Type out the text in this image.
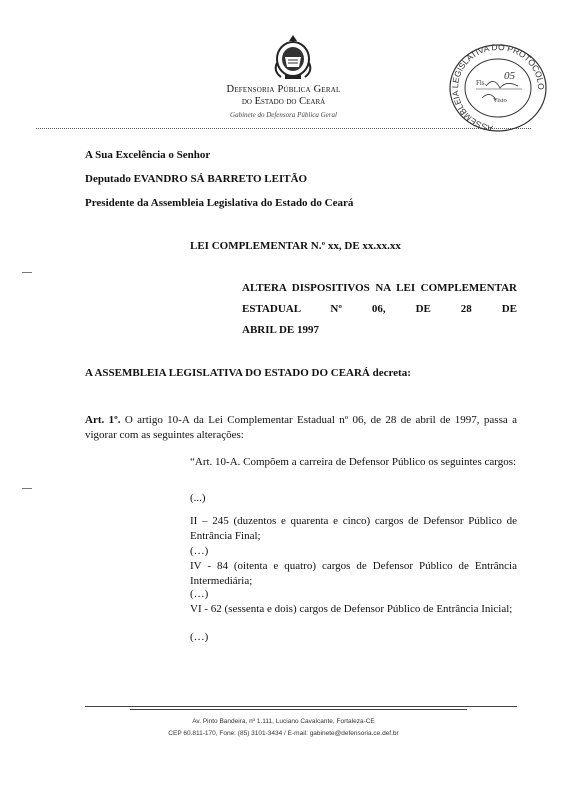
Defensoria Pública Geral
do Estado do Ceará
Gabinete do Defensora Pública Geral
ASSEMBLEIA LEGISLATIVA DO PROTOCOLO
Fls.
05
Visto
A Sua Excelência o Senhor
Deputado EVANDRO SÁ BARRETO LEITÃO
Presidente da Assembleia Legislativa do Estado do Ceará
LEI COMPLEMENTAR N.º xx, DE xx.xx.xx
ALTERA DISPOSITIVOS NA LEI COMPLEMENTAR ESTADUAL Nº 06, DE 28 DE
ABRIL DE 1997
A ASSEMBLEIA LEGISLATIVA DO ESTADO DO CEARÁ decreta:
Art. 1º. O artigo 10-A da Lei Complementar Estadual nº 06, de 28 de abril de 1997, passa a vigorar com as seguintes alterações:
“Art. 10-A. Compõem a carreira de Defensor Público os seguintes cargos:
(...)
II – 245 (duzentos e quarenta e cinco) cargos de Defensor Público de Entrância Final;
(…)
IV - 84 (oitenta e quatro) cargos de Defensor Público de Entrância Intermediária;
(…)
VI - 62 (sessenta e dois) cargos de Defensor Público de Entrância Inicial;
(…)
Av. Pinto Bandeira, nº 1.111, Luciano Cavalcante, Fortaleza-CE
CEP 60.811-170, Fone: (85) 3101-3434 / E-mail: gabinete@defensoria.ce.def.br
